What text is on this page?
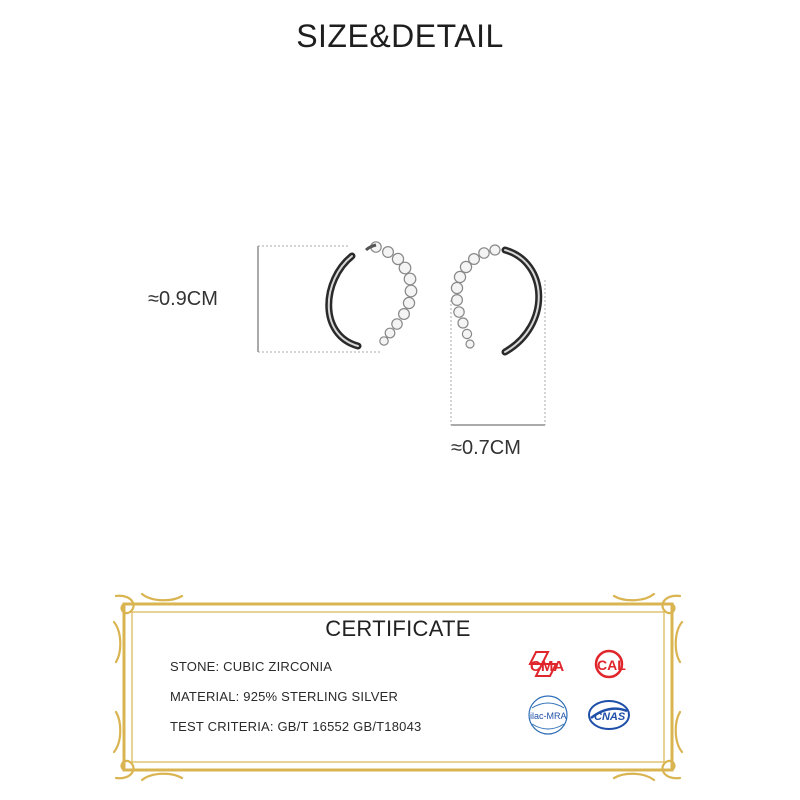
SIZE&DETAIL
≈0.9CM
≈0.7CM
CERTIFICATE
STONE: CUBIC ZIRCONIA
MATERIAL: 925% STERLING SILVER
TEST CRITERIA: GB/T 16552 GB/T18043
CMA CAL
ilac-MRA CNAS
